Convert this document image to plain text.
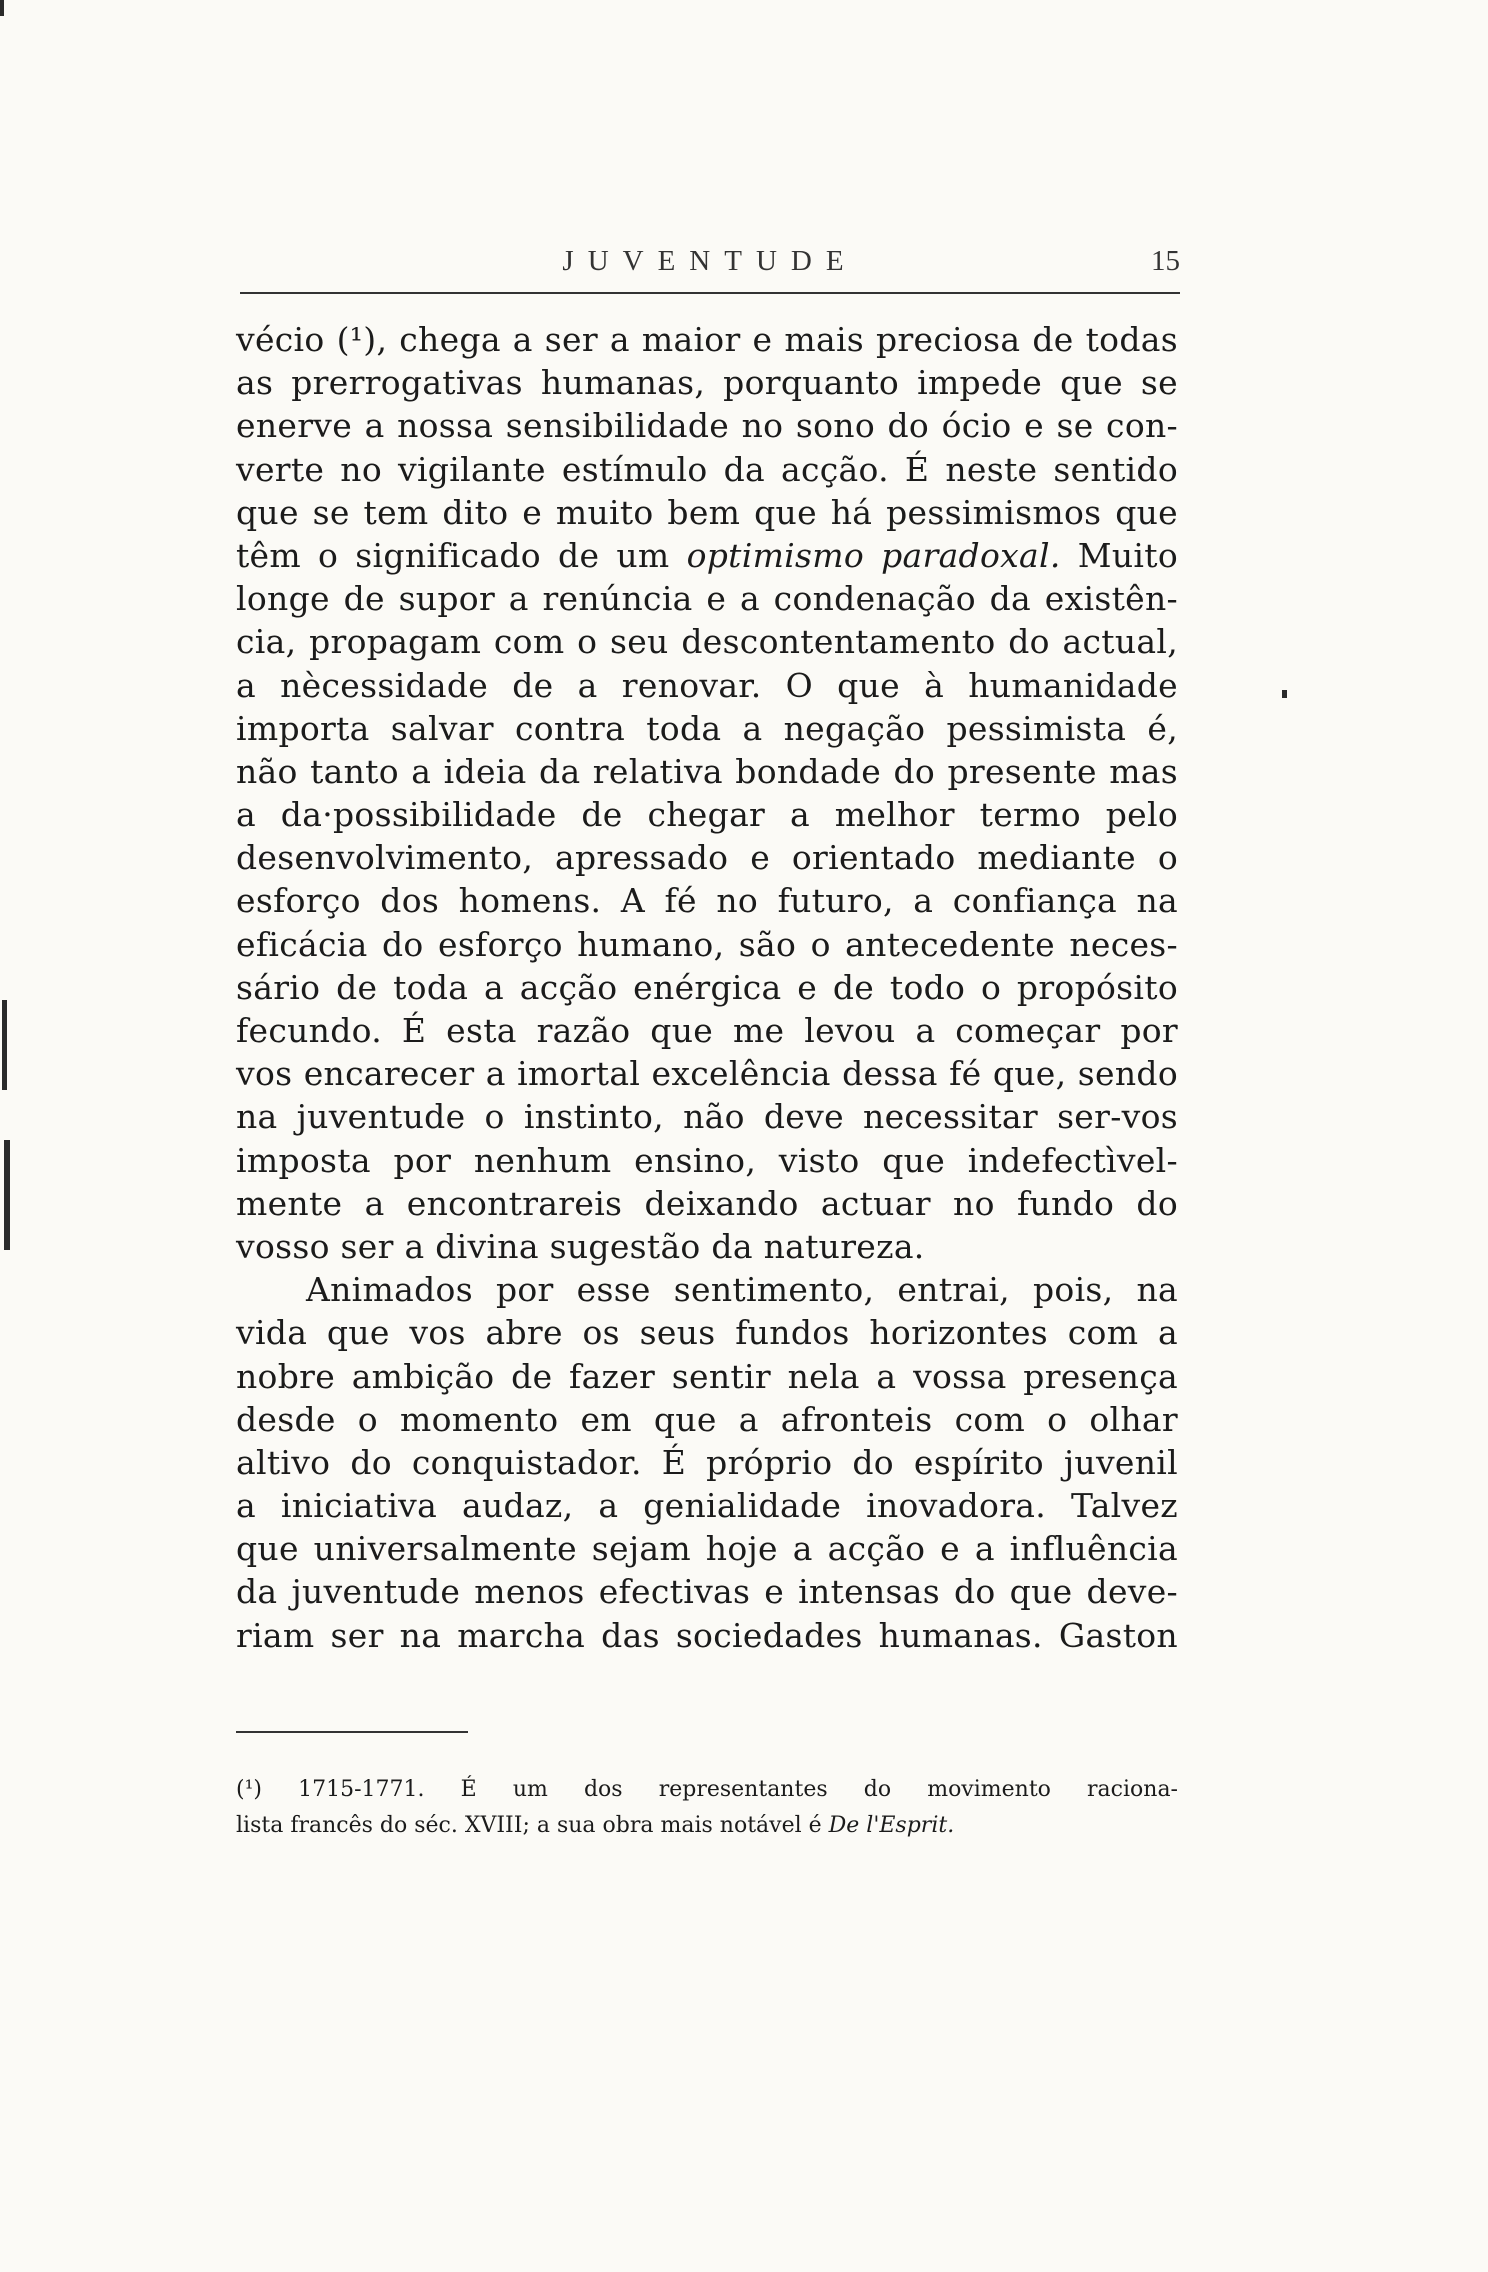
JUVENTUDE	15
vécio (¹), chega a ser a maior e mais preciosa de todas
as prerrogativas humanas, porquanto impede que se
enerve a nossa sensibilidade no sono do ócio e se con-
verte no vigilante estímulo da acção. É neste sentido
que se tem dito e muito bem que há pessimismos que
têm o significado de um optimismo paradoxal. Muito
longe de supor a renúncia e a condenação da existên-
cia, propagam com o seu descontentamento do actual,
a nècessidade de a renovar. O que à humanidade
importa salvar contra toda a negação pessimista é,
não tanto a ideia da relativa bondade do presente mas
a da·possibilidade de chegar a melhor termo pelo
desenvolvimento, apressado e orientado mediante o
esforço dos homens. A fé no futuro, a confiança na
eficácia do esforço humano, são o antecedente neces-
sário de toda a acção enérgica e de todo o propósito
fecundo. É esta razão que me levou a começar por
vos encarecer a imortal excelência dessa fé que, sendo
na juventude o instinto, não deve necessitar ser-vos
imposta por nenhum ensino, visto que indefectìvel-
mente a encontrareis deixando actuar no fundo do
vosso ser a divina sugestão da natureza.
Animados por esse sentimento, entrai, pois, na
vida que vos abre os seus fundos horizontes com a
nobre ambição de fazer sentir nela a vossa presença
desde o momento em que a afronteis com o olhar
altivo do conquistador. É próprio do espírito juvenil
a iniciativa audaz, a genialidade inovadora. Talvez
que universalmente sejam hoje a acção e a influência
da juventude menos efectivas e intensas do que deve-
riam ser na marcha das sociedades humanas. Gaston
(¹) 1715-1771. É um dos representantes do movimento raciona-
lista francês do séc. XVIII; a sua obra mais notável é De l'Esprit.
